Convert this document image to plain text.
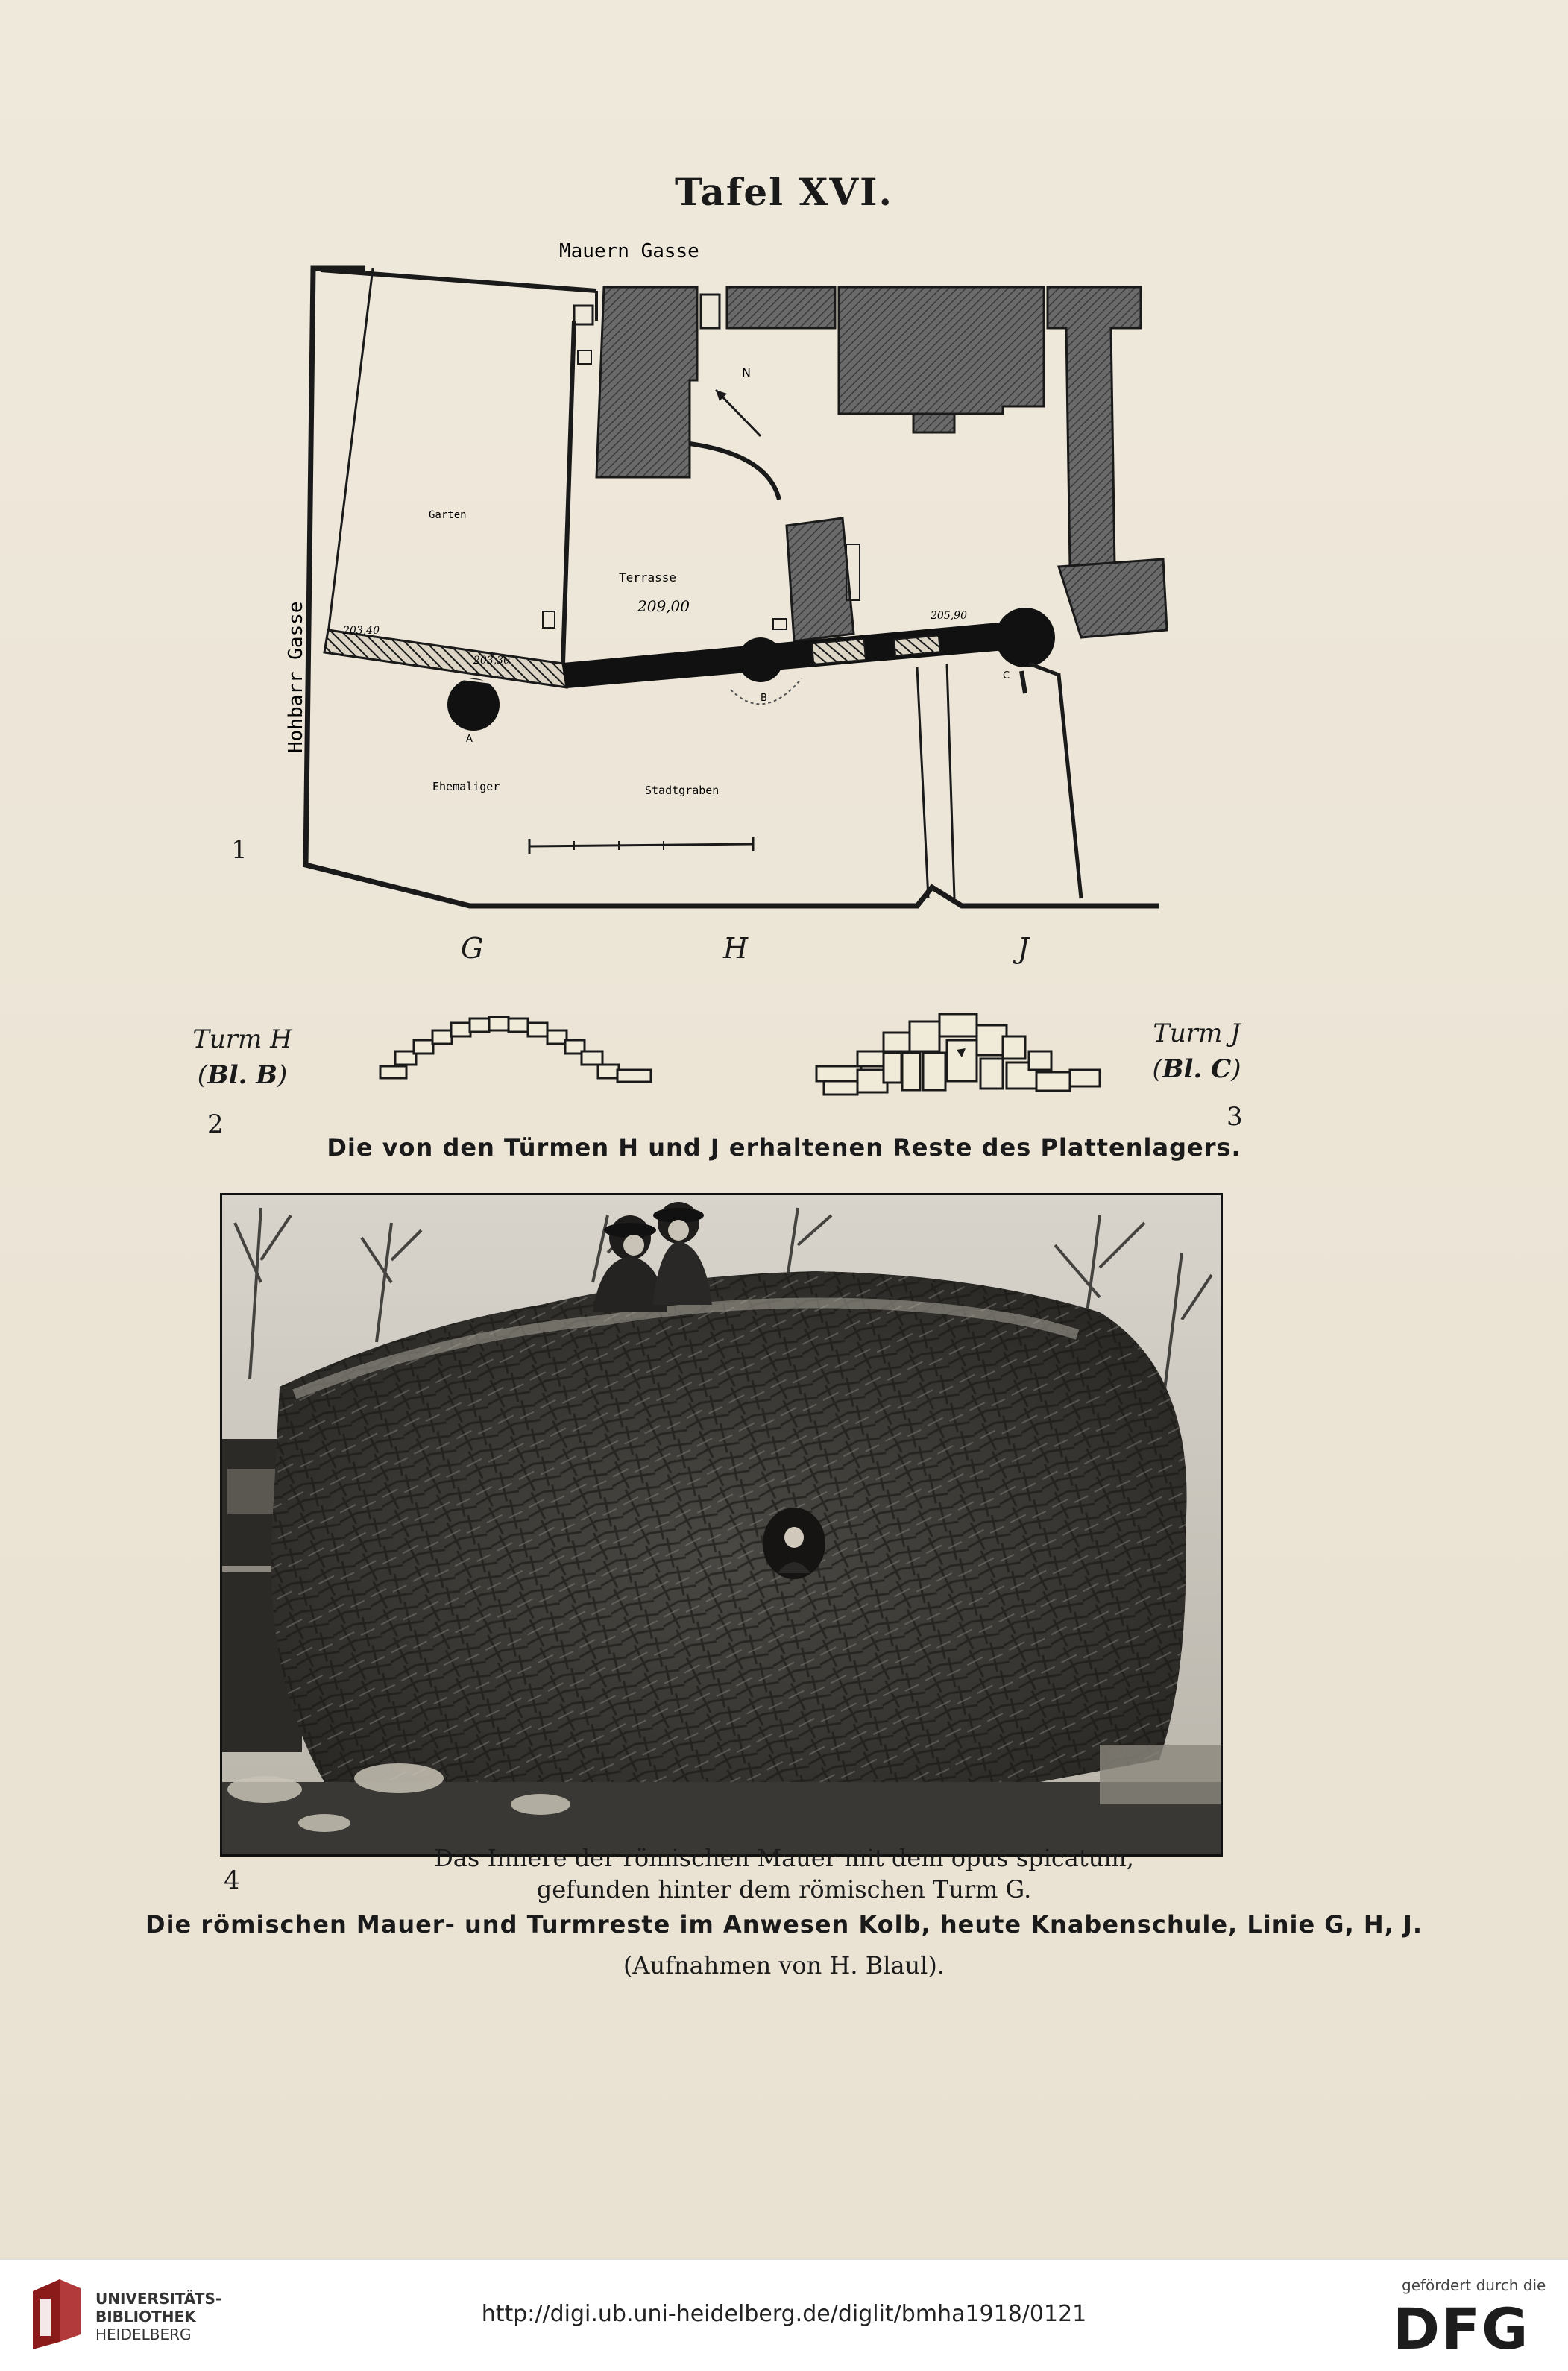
Tafel XVI.
Mauern Gasse
Hohbarr Gasse
Garten
Terrasse
209,00
203,40
203,30
205,90
N
A
B
C
Ehemaliger	Stadtgraben
1
G	H	J
Turm H
(Bl. B)
2
Turm J
(Bl. C)
3
Die von den Türmen H und J erhaltenen Reste des Plattenlagers.
4
Das Innere der römischen Mauer mit dem opus spicatum,
gefunden hinter dem römischen Turm G.
Die römischen Mauer- und Turmreste im Anwesen Kolb, heute Knabenschule, Linie G, H, J.
(Aufnahmen von H. Blaul).
UNIVERSITÄTS-
BIBLIOTHEK
HEIDELBERG
http://digi.ub.uni-heidelberg.de/diglit/bmha1918/0121
gefördert durch die
DFG
